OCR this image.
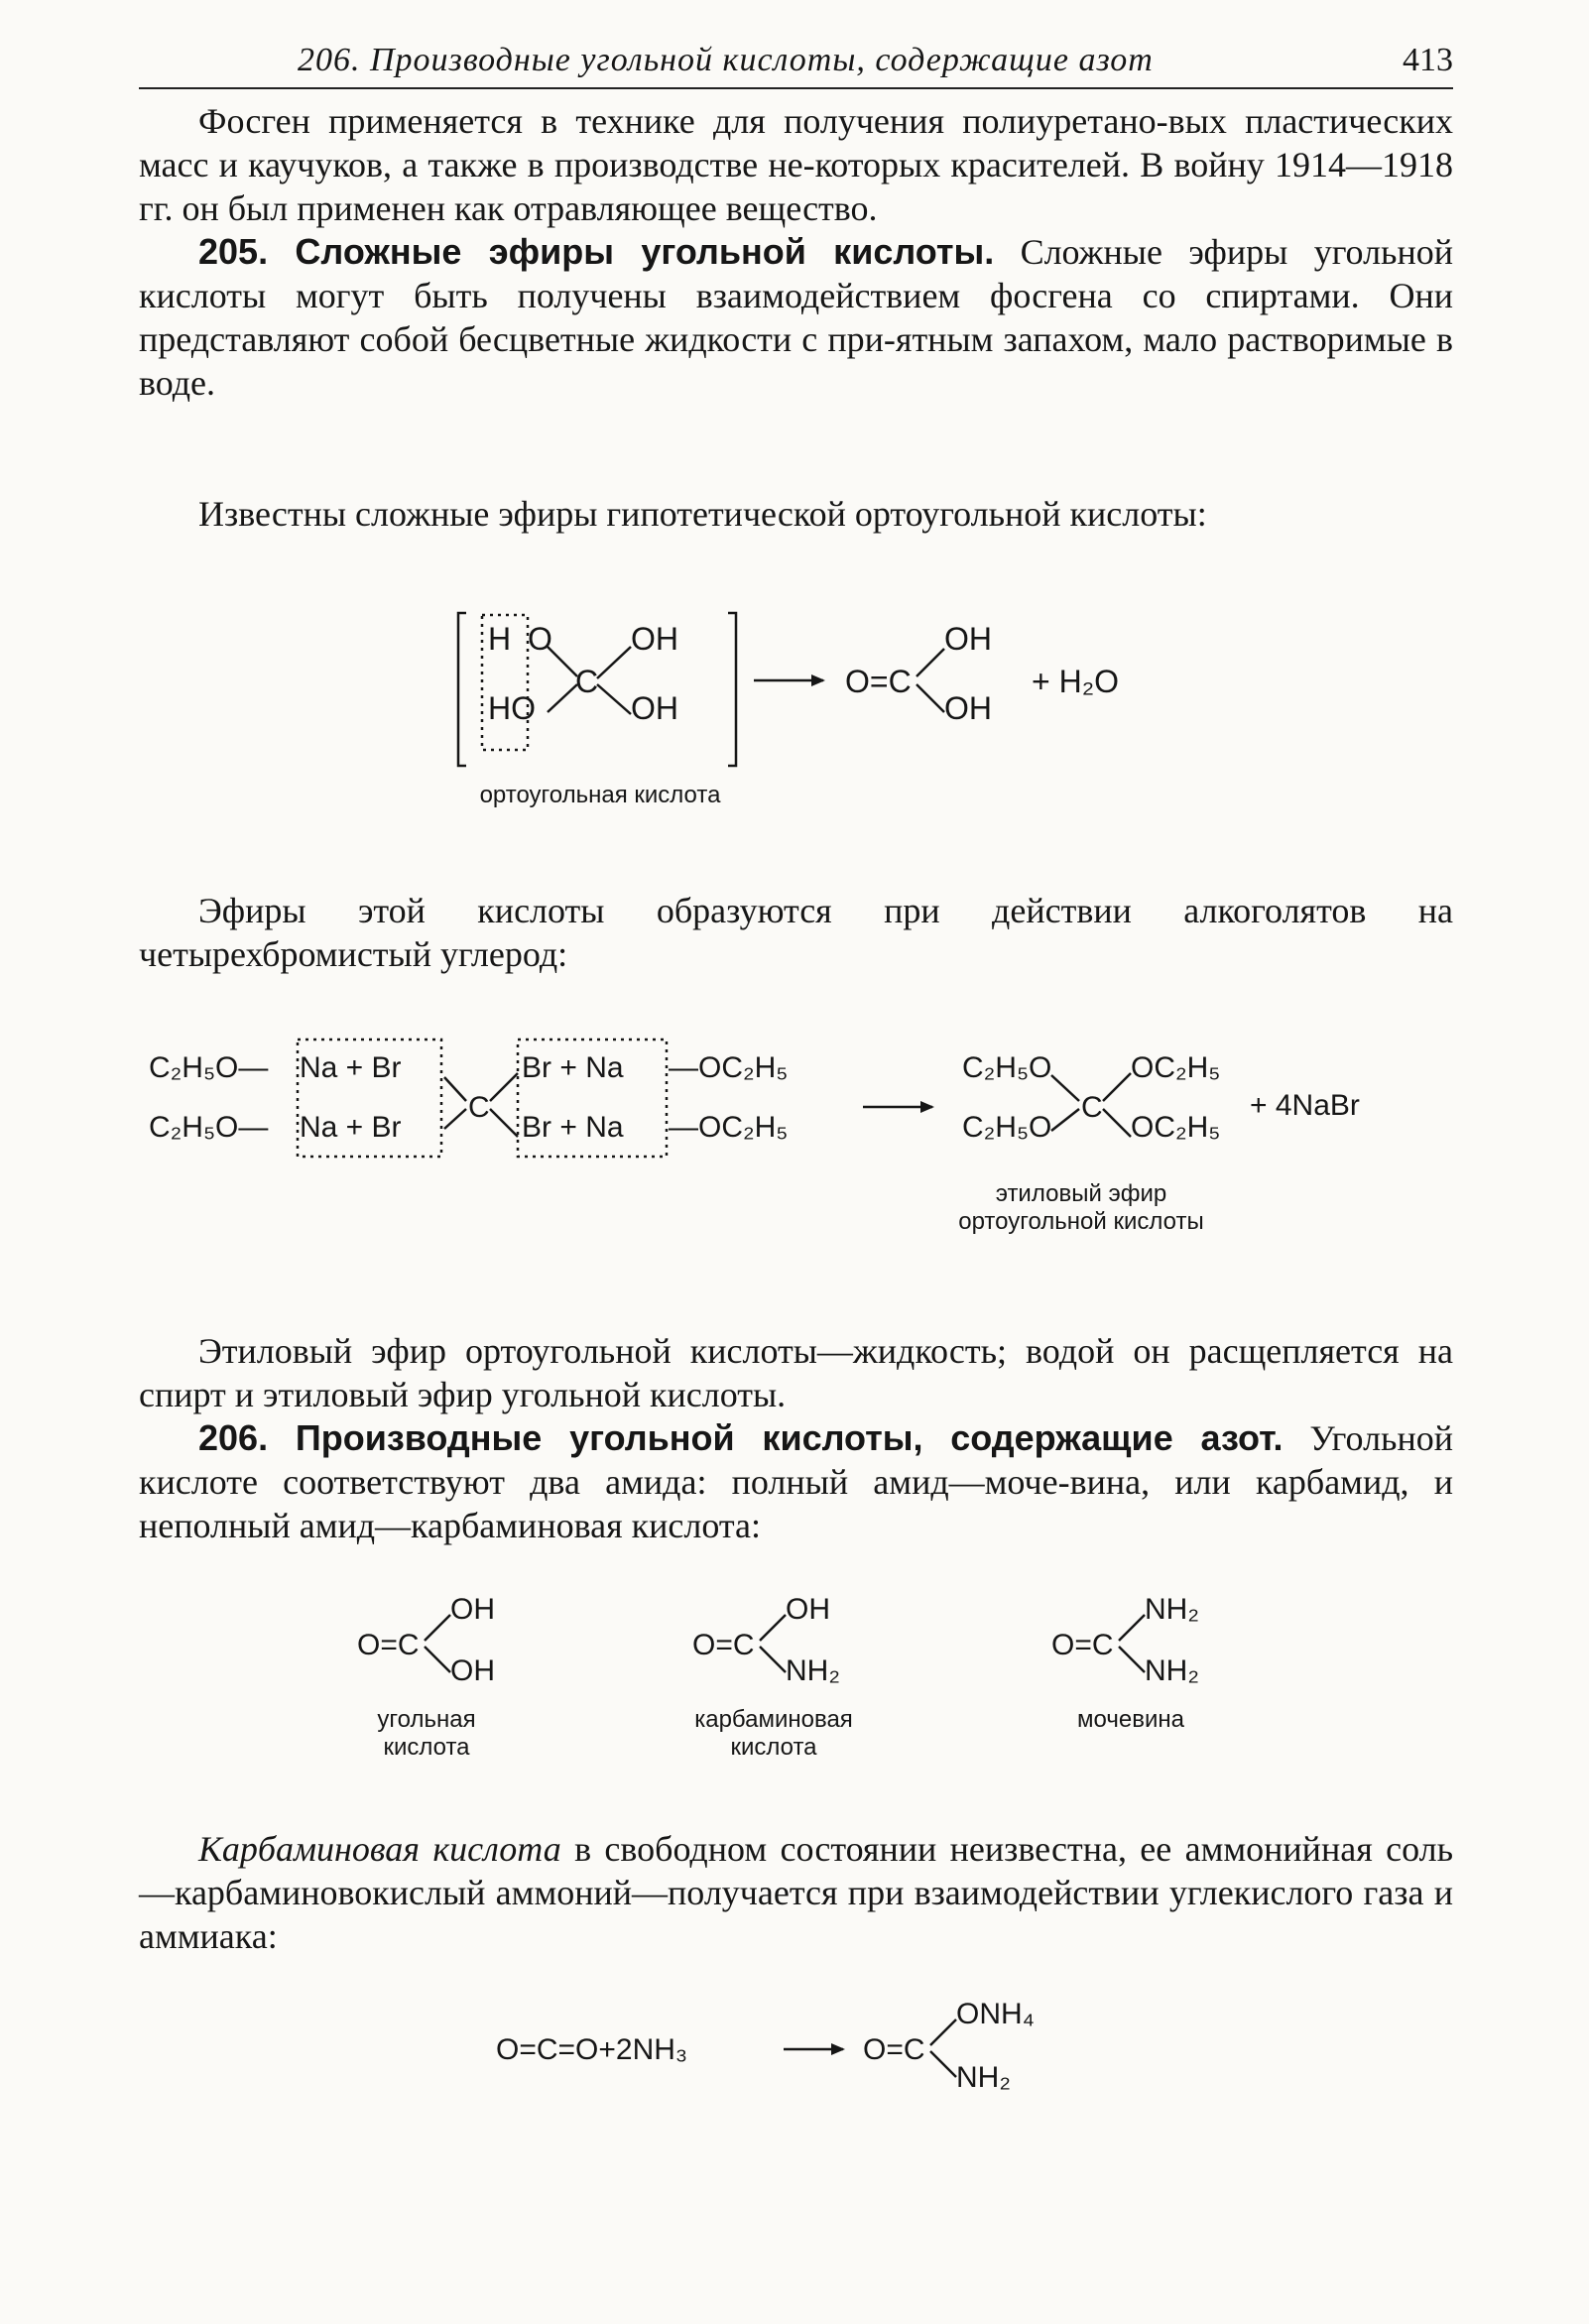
206. Производные угольной кислоты, содержащие азот	413

Фосген применяется в технике для получения полиуретано-вых пластических масс и каучуков, а также в производстве не-которых красителей. В войну 1914—1918 гг. он был применен как отравляющее вещество.

205. Сложные эфиры угольной кислоты. Сложные эфиры угольной кислоты могут быть получены взаимодействием фосгена со спиртами. Они представляют собой бесцветные жидкости с при-ятным запахом, мало растворимые в воде.

Известны сложные эфиры гипотетической ортоугольной кислоты:

H O
HO
C
OH
OH
O=C
OH
OH
+ H₂O
ортоугольная кислота

Эфиры этой кислоты образуются при действии алкоголятов на четырехбромистый углерод:

C₂H₅O—
C₂H₅O—
Na + Br
Na + Br
C
Br + Na
Br + Na
—OC₂H₅
—OC₂H₅
C₂H₅O
C₂H₅O
C
OC₂H₅
OC₂H₅
+ 4NaBr
этиловый эфир ортоугольной кислоты

Этиловый эфир ортоугольной кислоты—жидкость; водой он расщепляется на спирт и этиловый эфир угольной кислоты.

206. Производные угольной кислоты, содержащие азот. Угольной кислоте соответствуют два амида: полный амид—моче-вина, или карбамид, и неполный амид—карбаминовая кислота:

O=C
OH
OH
O=C
OH
NH₂
O=C
NH₂
NH₂
угольная кислота
карбаминовая кислота
мочевина

Карбаминовая кислота в свободном состоянии неизвестна, ее аммонийная соль—карбаминовокислый аммоний—получается при взаимодействии углекислого газа и аммиака:

O=C=O+2NH₃	O=C
ONH₄
NH₂
